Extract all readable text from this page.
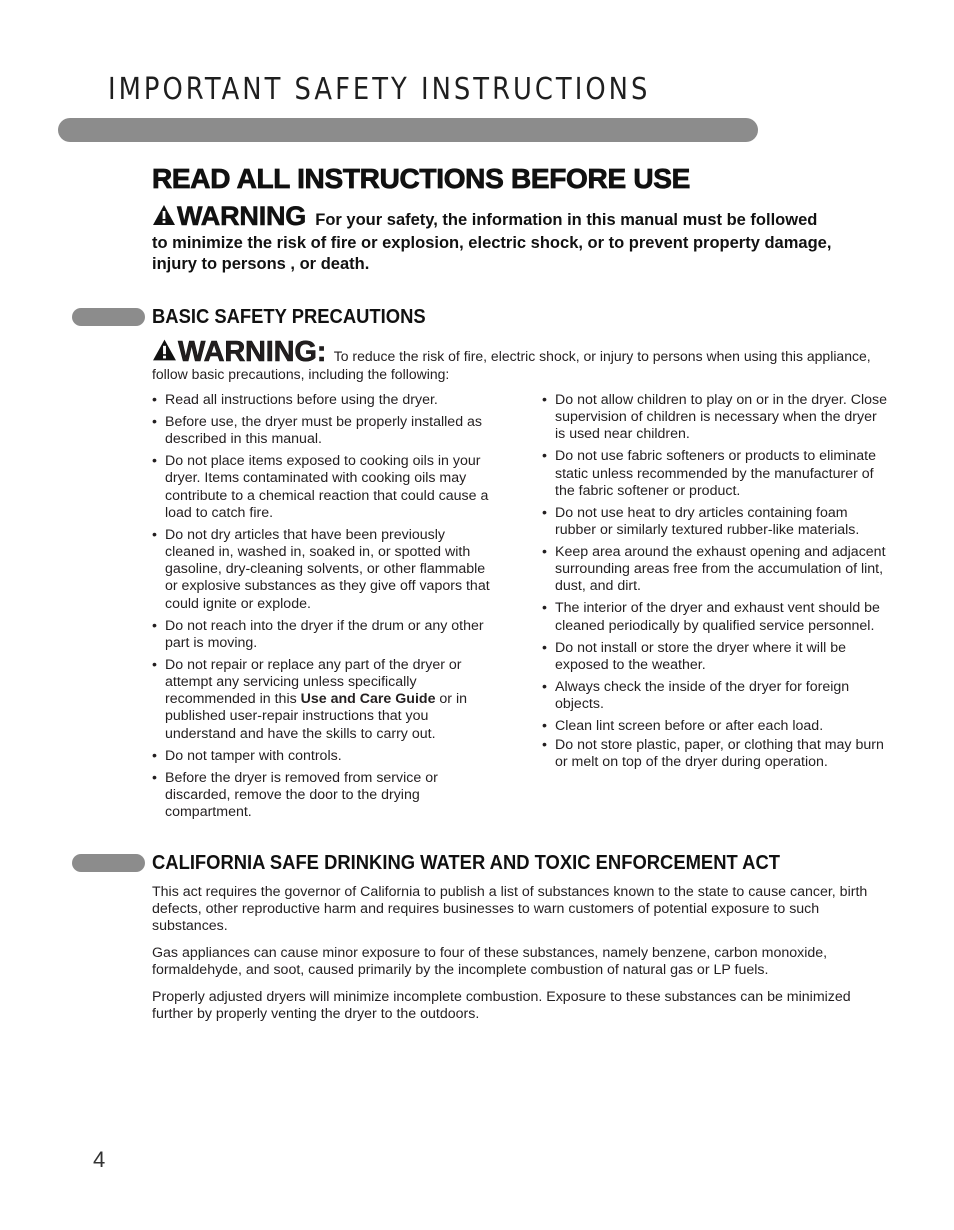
IMPORTANT SAFETY INSTRUCTIONS
READ ALL INSTRUCTIONS BEFORE USE
WARNING For your safety, the information in this manual must be followed to minimize the risk of fire or explosion, electric shock, or to prevent property damage, injury to persons , or death.
BASIC SAFETY PRECAUTIONS
WARNING: To reduce the risk of fire, electric shock, or injury to persons when using this appliance, follow basic precautions, including the following:
• Read all instructions before using the dryer.
• Before use, the dryer must be properly installed as described in this manual.
• Do not place items exposed to cooking oils in your dryer. Items contaminated with cooking oils may contribute to a chemical reaction that could cause a load to catch fire.
• Do not dry articles that have been previously cleaned in, washed in, soaked in, or spotted with gasoline, dry-cleaning solvents, or other flammable or explosive substances as they give off vapors that could ignite or explode.
• Do not reach into the dryer if the drum or any other part is moving.
• Do not repair or replace any part of the dryer or attempt any servicing unless specifically recommended in this Use and Care Guide or in published user-repair instructions that you understand and have the skills to carry out.
• Do not tamper with controls.
• Before the dryer is removed from service or discarded, remove the door to the drying compartment.
• Do not allow children to play on or in the dryer. Close supervision of children is necessary when the dryer is used near children.
• Do not use fabric softeners or products to eliminate static unless recommended by the manufacturer of the fabric softener or product.
• Do not use heat to dry articles containing foam rubber or similarly textured rubber-like materials.
• Keep area around the exhaust opening and adjacent surrounding areas free from the accumulation of lint, dust, and dirt.
• The interior of the dryer and exhaust vent should be cleaned periodically by qualified service personnel.
• Do not install or store the dryer where it will be exposed to the weather.
• Always check the inside of the dryer for foreign objects.
• Clean lint screen before or after each load.
• Do not store plastic, paper, or clothing that may burn or melt on top of the dryer during operation.
CALIFORNIA SAFE DRINKING WATER AND TOXIC ENFORCEMENT ACT

This act requires the governor of California to publish a list of substances known to the state to cause cancer, birth defects, other reproductive harm and requires businesses to warn customers of potential exposure to such substances.

Gas appliances can cause minor exposure to four of these substances, namely benzene, carbon monoxide, formaldehyde, and soot, caused primarily by the incomplete combustion of natural gas or LP fuels.

Properly adjusted dryers will minimize incomplete combustion. Exposure to these substances can be minimized further by properly venting the dryer to the outdoors.

4
